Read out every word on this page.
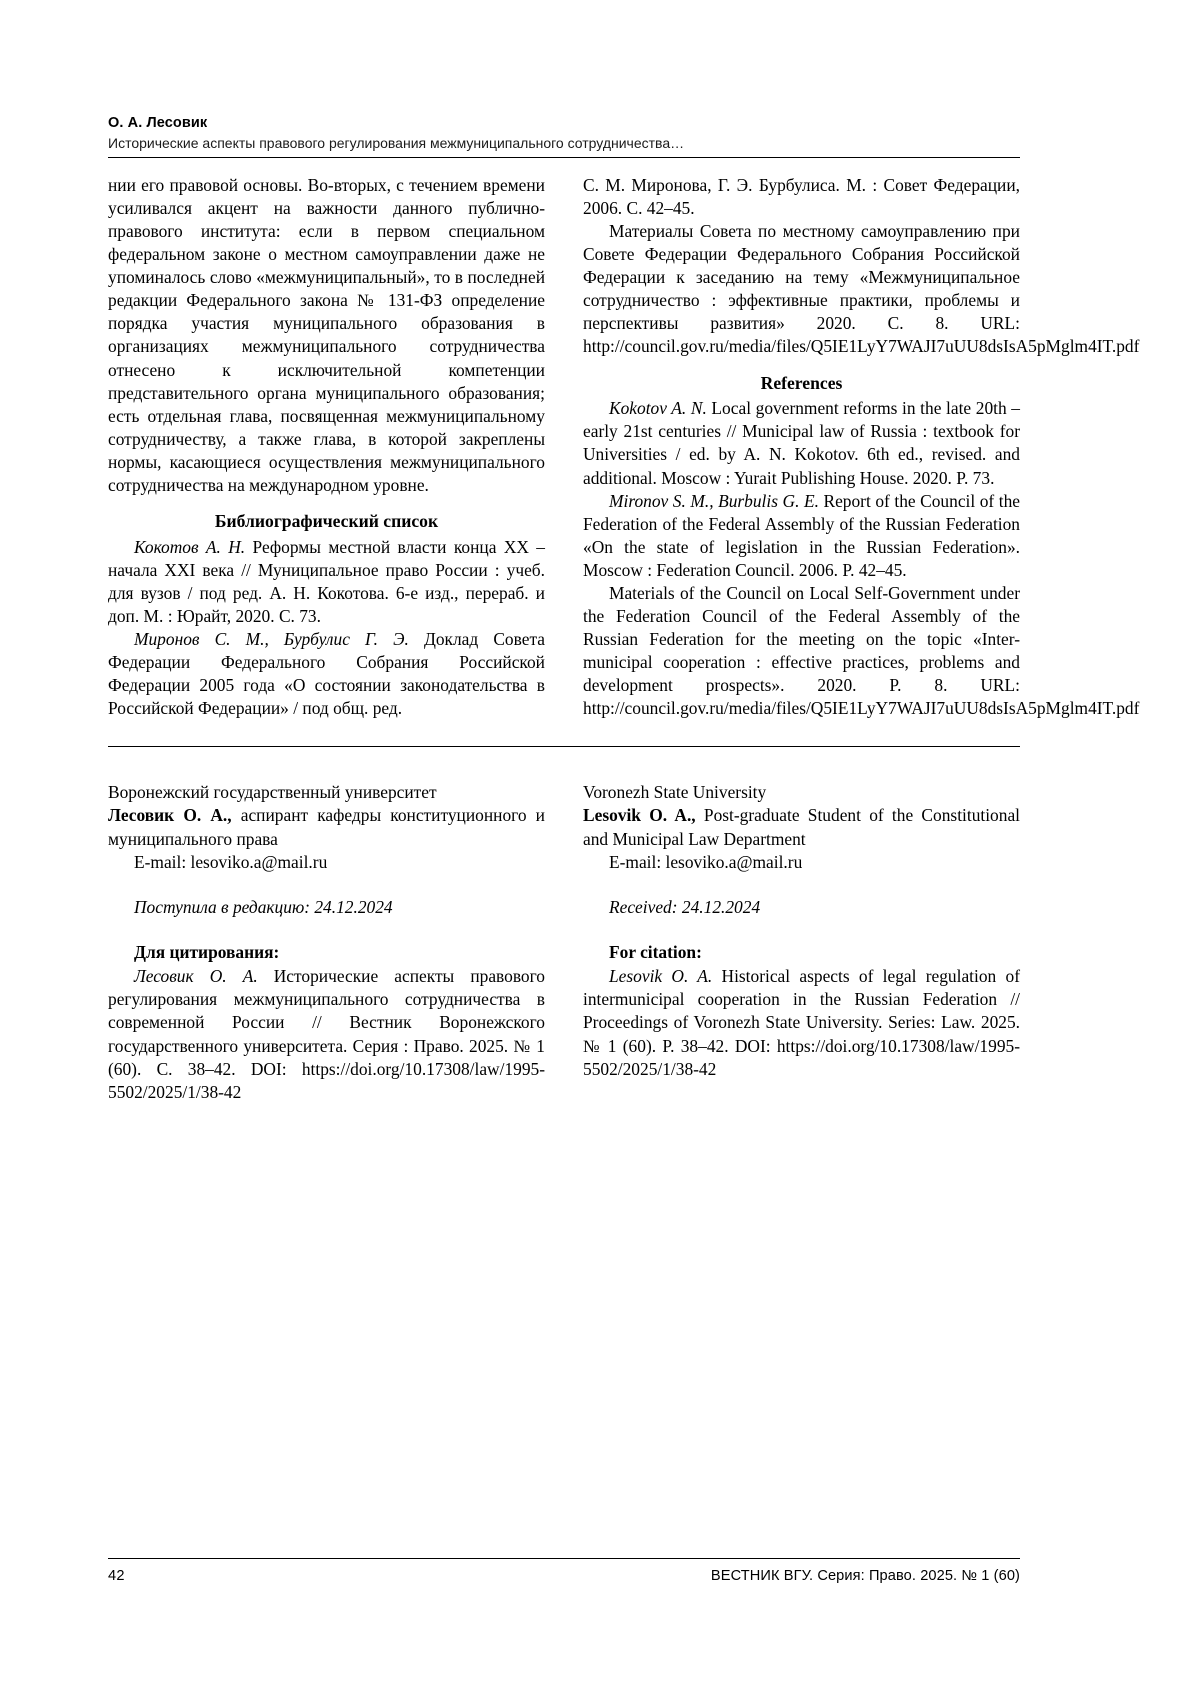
О. А. Лесовик
Исторические аспекты правового регулирования межмуниципального сотрудничества…

нии его правовой основы. Во-вторых, с течением времени усиливался акцент на важности данного публично-правового института: если в первом специальном федеральном законе о местном самоуправлении даже не упоминалось слово «межмуниципальный», то в последней редакции Федерального закона № 131-ФЗ определение порядка участия муниципального образования в организациях межмуниципального сотрудничества отнесено к исключительной компетенции представительного органа муниципального образования; есть отдельная глава, посвященная межмуниципальному сотрудничеству, а также глава, в которой закреплены нормы, касающиеся осуществления межмуниципального сотрудничества на международном уровне.

Библиографический список

Кокотов А. Н. Реформы местной власти конца XX – начала XXI века // Муниципальное право России : учеб. для вузов / под ред. А. Н. Кокотова. 6-е изд., перераб. и доп. М. : Юрайт, 2020. С. 73.

Миронов С. М., Бурбулис Г. Э. Доклад Совета Федерации Федерального Собрания Российской Федерации 2005 года «О состоянии законодательства в Российской Федерации» / под общ. ред.

С. М. Миронова, Г. Э. Бурбулиса. М. : Совет Федерации, 2006. С. 42–45.

Материалы Совета по местному самоуправлению при Совете Федерации Федерального Собрания Российской Федерации к заседанию на тему «Межмуниципальное сотрудничество : эффективные практики, проблемы и перспективы развития» 2020. С. 8. URL: http://council.gov.ru/media/files/Q5IE1LyY7WAJI7uUU8dsIsA5pMglm4IT.pdf

References

Kokotov A. N. Local government reforms in the late 20th – early 21st centuries // Municipal law of Russia : textbook for Universities / ed. by A. N. Kokotov. 6th ed., revised. and additional. Moscow : Yurait Publishing House. 2020. P. 73.

Mironov S. M., Burbulis G. E. Report of the Council of the Federation of the Federal Assembly of the Russian Federation «On the state of legislation in the Russian Federation». Moscow : Federation Council. 2006. P. 42–45.

Materials of the Council on Local Self-Government under the Federation Council of the Federal Assembly of the Russian Federation for the meeting on the topic «Inter-municipal cooperation : effective practices, problems and development prospects». 2020. P. 8. URL: http://council.gov.ru/media/files/Q5IE1LyY7WAJI7uUU8dsIsA5pMglm4IT.pdf

Воронежский государственный университет

Лесовик О. А., аспирант кафедры конституционного и муниципального права

E-mail: lesoviko.a@mail.ru

Поступила в редакцию: 24.12.2024

Для цитирования:

Лесовик О. А. Исторические аспекты правового регулирования межмуниципального сотрудничества в современной России // Вестник Воронежского государственного университета. Серия : Право. 2025. № 1 (60). С. 38–42. DOI: https://doi.org/10.17308/law/1995-5502/2025/1/38-42

Voronezh State University

Lesovik O. A., Post-graduate Student of the Constitutional and Municipal Law Department

E-mail: lesoviko.a@mail.ru

Received: 24.12.2024

For citation:

Lesovik O. A. Historical aspects of legal regulation of intermunicipal cooperation in the Russian Federation // Proceedings of Voronezh State University. Series: Law. 2025. № 1 (60). P. 38–42. DOI: https://doi.org/10.17308/law/1995-5502/2025/1/38-42

42	ВЕСТНИК ВГУ. Серия: Право. 2025. № 1 (60)
